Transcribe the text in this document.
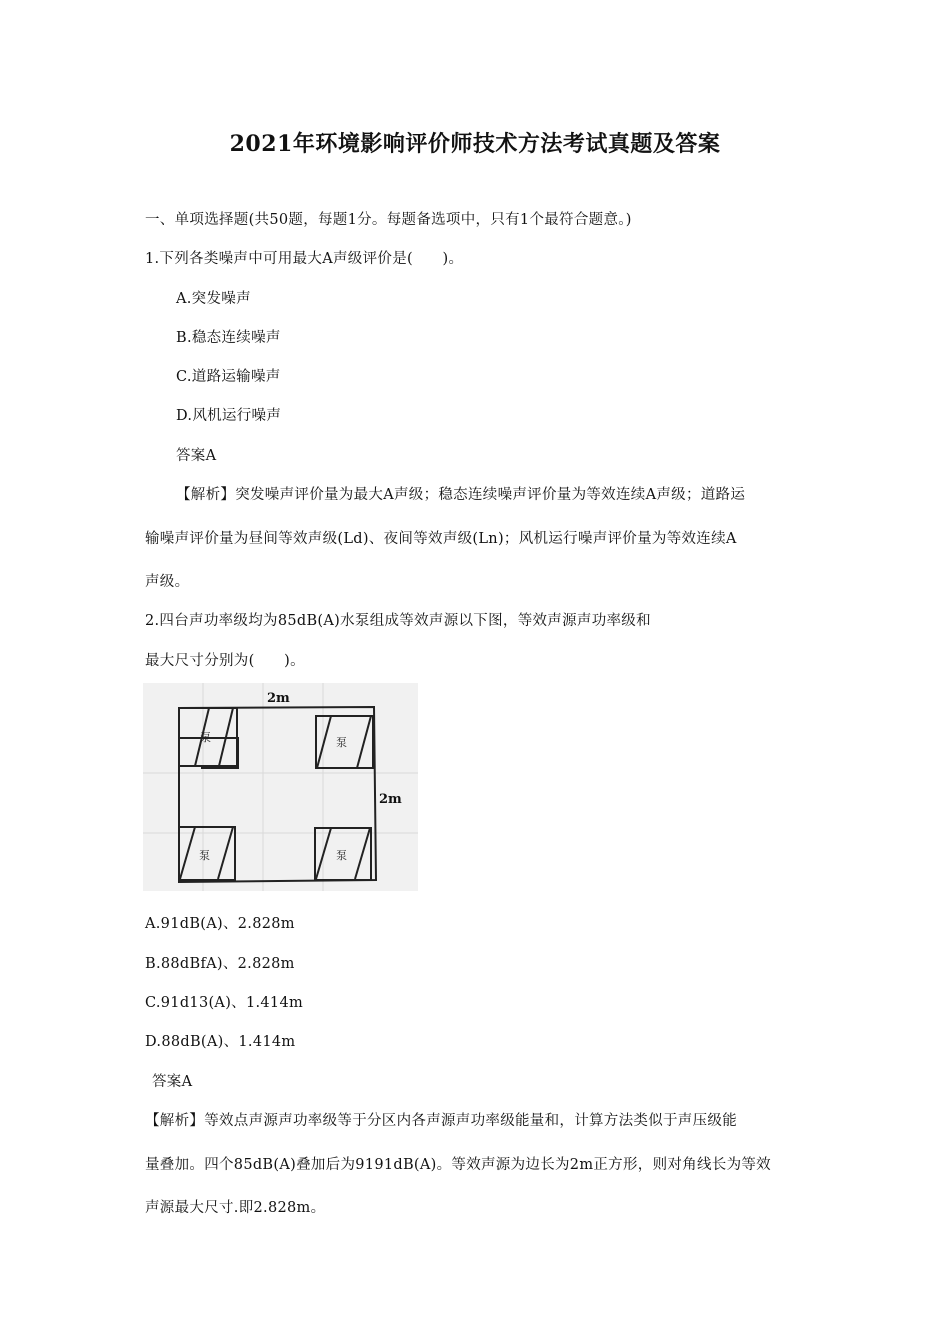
2021年环境影响评价师技术方法考试真题及答案
一、单项选择题(共50题，每题1分。每题备选项中，只有1个最符合题意。)
1.下列各类噪声中可用最大A声级评价是(　　)。
A.突发噪声
B.稳态连续噪声
C.道路运输噪声
D.风机运行噪声
答案A
【解析】突发噪声评价量为最大A声级；稳态连续噪声评价量为等效连续A声级；道路运
输噪声评价量为昼间等效声级(Ld)、夜间等效声级(Ln)；风机运行噪声评价量为等效连续A
声级。
2.四台声功率级均为85dB(A)水泵组成等效声源以下图，等效声源声功率级和
最大尺寸分别为(　　)。
2m
2m
泵	泵
泵	泵
A.91dB(A)、2.828m
B.88dBfA)、2.828m
C.91d13(A)、1.414m
D.88dB(A)、1.414m
答案A
【解析】等效点声源声功率级等于分区内各声源声功率级能量和，计算方法类似于声压级能
量叠加。四个85dB(A)叠加后为9191dB(A)。等效声源为边长为2m正方形，则对角线长为等效
声源最大尺寸.即2.828m。
